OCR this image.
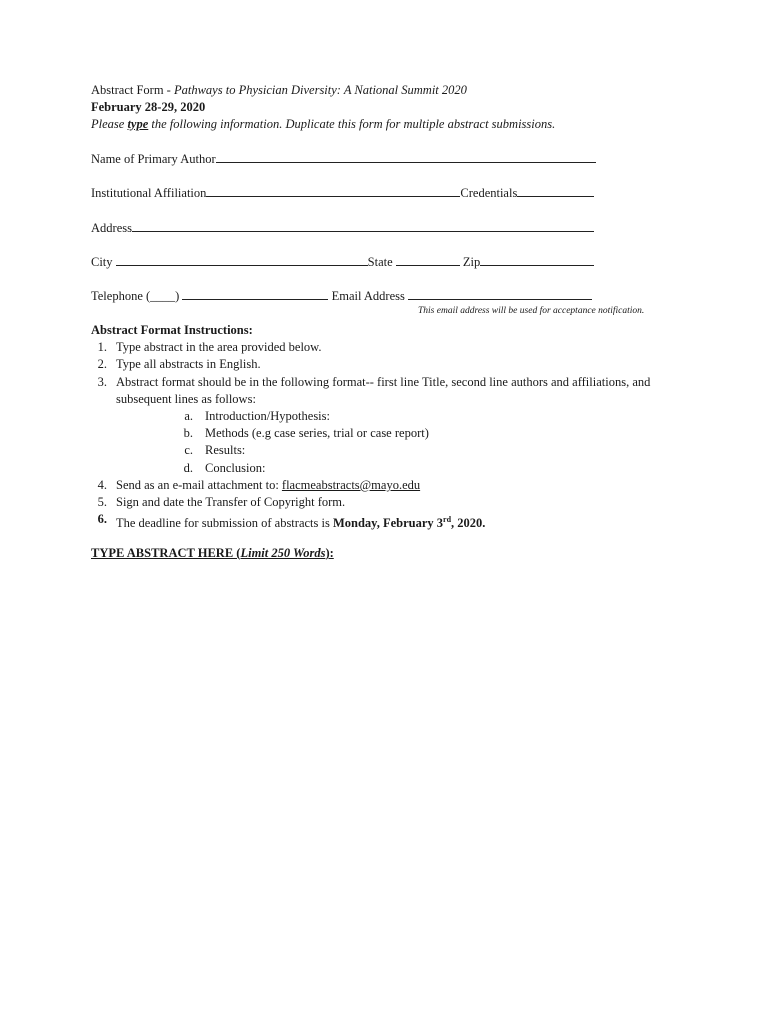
Abstract Form - Pathways to Physician Diversity: A National Summit 2020
February 28-29, 2020
Please type the following information. Duplicate this form for multiple abstract submissions.
Name of Primary Author
Institutional Affiliation	Credentials
Address
City	State	Zip
Telephone (____)	Email Address
This email address will be used for acceptance notification.
Abstract Format Instructions:
1. Type abstract in the area provided below.
2. Type all abstracts in English.
3. Abstract format should be in the following format-- first line Title, second line authors and affiliations, and subsequent lines as follows:
a. Introduction/Hypothesis:
b. Methods (e.g case series, trial or case report)
c. Results:
d. Conclusion:
4. Send as an e-mail attachment to: flacmeabstracts@mayo.edu
5. Sign and date the Transfer of Copyright form.
6. The deadline for submission of abstracts is Monday, February 3rd, 2020.
TYPE ABSTRACT HERE (Limit 250 Words):
